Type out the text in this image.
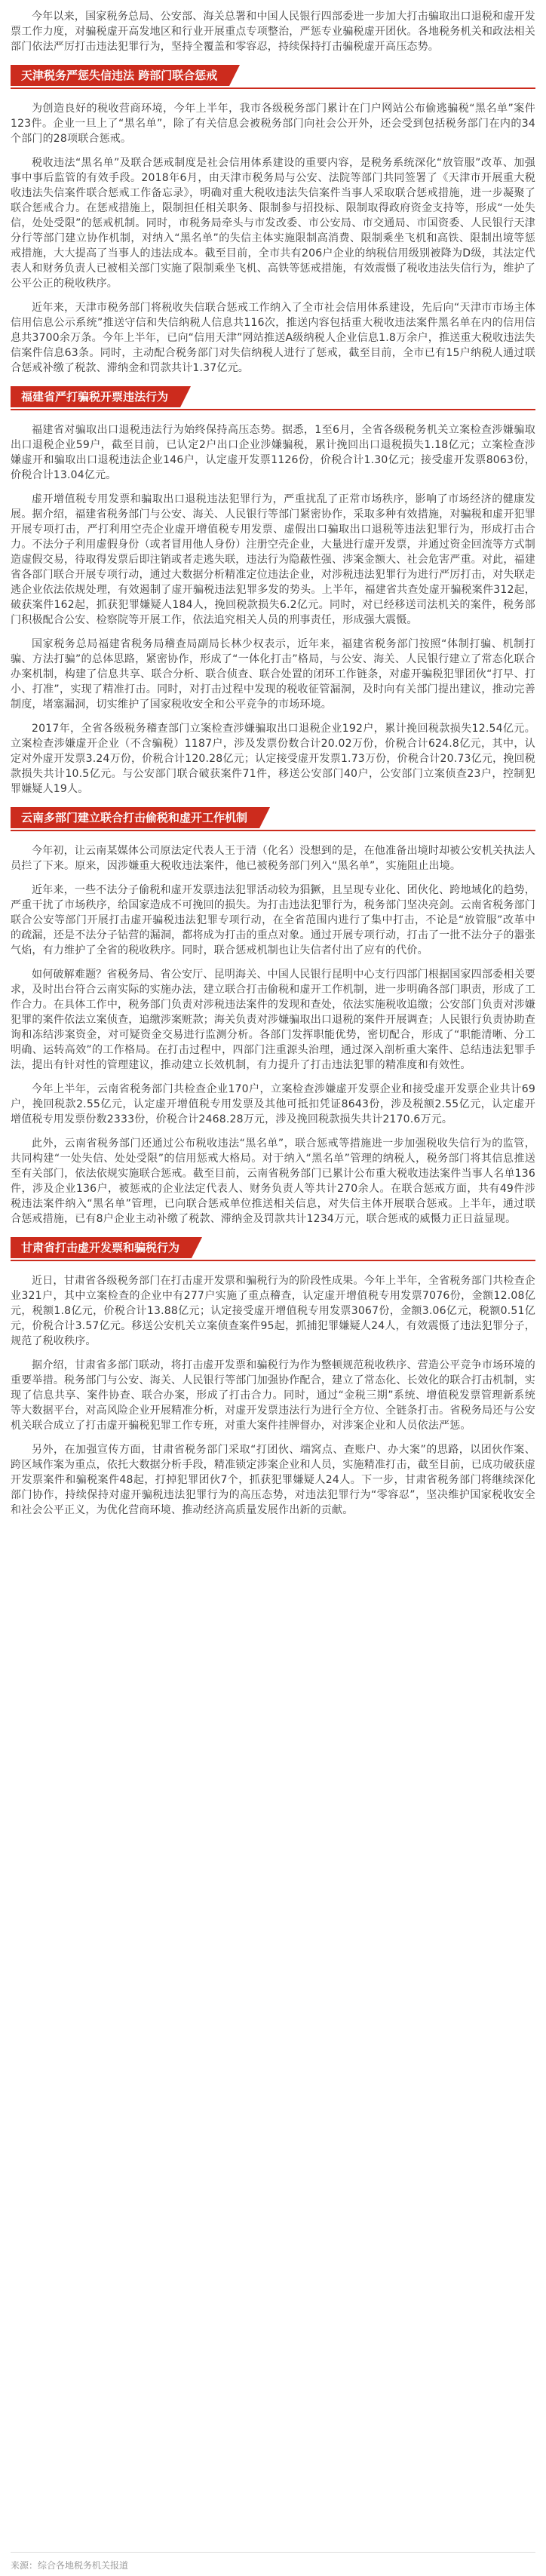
今年以来，国家税务总局、公安部、海关总署和中国人民银行四部委进一步加大打击骗取出口退税和虚开发票工作力度，对骗税虚开高发地区和行业开展重点专项整治，严惩专业骗税虚开团伙。各地税务机关和政法相关部门依法严厉打击违法犯罪行为，坚持全覆盖和零容忍，持续保持打击骗税虚开高压态势。

天津税务严惩失信违法 跨部门联合惩戒

为创造良好的税收营商环境，今年上半年，我市各级税务部门累计在门户网站公布偷逃骗税“黑名单”案件123件。企业一旦上了“黑名单”，除了有关信息会被税务部门向社会公开外，还会受到包括税务部门在内的34个部门的28项联合惩戒。

税收违法“黑名单”及联合惩戒制度是社会信用体系建设的重要内容，是税务系统深化“放管服”改革、加强事中事后监管的有效手段。2018年6月，由天津市税务局与公安、法院等部门共同签署了《天津市开展重大税收违法失信案件联合惩戒工作备忘录》，明确对重大税收违法失信案件当事人采取联合惩戒措施，进一步凝聚了联合惩戒合力。在惩戒措施上，限制担任相关职务、限制参与招投标、限制取得政府资金支持等，形成“一处失信，处处受限”的惩戒机制。同时，市税务局牵头与市发改委、市公安局、市交通局、市国资委、人民银行天津分行等部门建立协作机制，对纳入“黑名单”的失信主体实施限制高消费、限制乘坐飞机和高铁、限制出境等惩戒措施，大大提高了当事人的违法成本。截至目前，全市共有206户企业的纳税信用级别被降为D级，其法定代表人和财务负责人已被相关部门实施了限制乘坐飞机、高铁等惩戒措施，有效震慑了税收违法失信行为，维护了公平公正的税收秩序。

近年来，天津市税务部门将税收失信联合惩戒工作纳入了全市社会信用体系建设，先后向“天津市市场主体信用信息公示系统”推送守信和失信纳税人信息共116次，推送内容包括重大税收违法案件黑名单在内的信用信息共3700余万条。今年上半年，已向“信用天津”网站推送A级纳税人企业信息1.8万余户，推送重大税收违法失信案件信息63条。同时，主动配合税务部门对失信纳税人进行了惩戒，截至目前，全市已有15户纳税人通过联合惩戒补缴了税款、滞纳金和罚款共计1.37亿元。

福建省严打骗税开票违法行为

福建省对骗取出口退税违法行为始终保持高压态势。据悉，1至6月，全省各级税务机关立案检查涉嫌骗取出口退税企业59户，截至目前，已认定2户出口企业涉嫌骗税，累计挽回出口退税损失1.18亿元；立案检查涉嫌虚开和骗取出口退税违法企业146户，认定虚开发票1126份，价税合计1.30亿元；接受虚开发票8063份，价税合计13.04亿元。

虚开增值税专用发票和骗取出口退税违法犯罪行为，严重扰乱了正常市场秩序，影响了市场经济的健康发展。据介绍，福建省税务部门与公安、海关、人民银行等部门紧密协作，采取多种有效措施，对骗税和虚开犯罪开展专项打击，严打利用空壳企业虚开增值税专用发票、虚假出口骗取出口退税等违法犯罪行为，形成打击合力。不法分子利用虚假身份（或者冒用他人身份）注册空壳企业，大量进行虚开发票，并通过资金回流等方式制造虚假交易，待取得发票后即注销或者走逃失联，违法行为隐蔽性强、涉案金额大、社会危害严重。对此，福建省各部门联合开展专项行动，通过大数据分析精准定位违法企业，对涉税违法犯罪行为进行严厉打击，对失联走逃企业依法依规处理，有效遏制了虚开骗税违法犯罪多发的势头。上半年，福建省共查处虚开骗税案件312起，破获案件162起，抓获犯罪嫌疑人184人，挽回税款损失6.2亿元。同时，对已经移送司法机关的案件，税务部门积极配合公安、检察院等开展工作，依法追究相关人员的刑事责任，形成强大震慑。

国家税务总局福建省税务局稽查局副局长林少权表示，近年来，福建省税务部门按照“体制打骗、机制打骗、方法打骗”的总体思路，紧密协作，形成了“一体化打击”格局，与公安、海关、人民银行建立了常态化联合办案机制，构建了信息共享、联合分析、联合侦查、联合处置的闭环工作链条，对虚开骗税犯罪团伙“打早、打小、打准”，实现了精准打击。同时，对打击过程中发现的税收征管漏洞，及时向有关部门提出建议，推动完善制度，堵塞漏洞，切实维护了国家税收安全和公平竞争的市场环境。

2017年，全省各级税务稽查部门立案检查涉嫌骗取出口退税企业192户，累计挽回税款损失12.54亿元。立案检查涉嫌虚开企业（不含骗税）1187户，涉及发票份数合计20.02万份，价税合计624.8亿元，其中，认定对外虚开发票3.24万份，价税合计120.28亿元；认定接受虚开发票1.73万份，价税合计20.73亿元，挽回税款损失共计10.5亿元。与公安部门联合破获案件71件，移送公安部门40户，公安部门立案侦查23户，控制犯罪嫌疑人19人。

云南多部门建立联合打击偷税和虚开工作机制

今年初，让云南某媒体公司原法定代表人王于清（化名）没想到的是，在他准备出境时却被公安机关执法人员拦了下来。原来，因涉嫌重大税收违法案件，他已被税务部门列入“黑名单”，实施阻止出境。

近年来，一些不法分子偷税和虚开发票违法犯罪活动较为猖獗，且呈现专业化、团伙化、跨地域化的趋势，严重干扰了市场秩序，给国家造成不可挽回的损失。为打击违法犯罪行为，税务部门坚决亮剑。云南省税务部门联合公安等部门开展打击虚开骗税违法犯罪专项行动，在全省范围内进行了集中打击，不论是“放管服”改革中的疏漏，还是不法分子钻营的漏洞，都将成为打击的重点对象。通过开展专项行动，打击了一批不法分子的嚣张气焰，有力维护了全省的税收秩序。同时，联合惩戒机制也让失信者付出了应有的代价。

如何破解难题？省税务局、省公安厅、昆明海关、中国人民银行昆明中心支行四部门根据国家四部委相关要求，及时出台符合云南实际的实施办法，建立联合打击偷税和虚开工作机制，进一步明确各部门职责，形成了工作合力。在具体工作中，税务部门负责对涉税违法案件的发现和查处，依法实施税收追缴；公安部门负责对涉嫌犯罪的案件依法立案侦查，追缴涉案赃款；海关负责对涉嫌骗取出口退税的案件开展调查；人民银行负责协助查询和冻结涉案资金，对可疑资金交易进行监测分析。各部门发挥职能优势，密切配合，形成了“职能清晰、分工明确、运转高效”的工作格局。在打击过程中，四部门注重源头治理，通过深入剖析重大案件、总结违法犯罪手法，提出有针对性的管理建议，推动建立长效机制，有力提升了打击违法犯罪的精准度和有效性。

今年上半年，云南省税务部门共检查企业170户，立案检查涉嫌虚开发票企业和接受虚开发票企业共计69户，挽回税款2.55亿元，认定虚开增值税专用发票及其他可抵扣凭证8643份，涉及税额2.55亿元，认定虚开增值税专用发票份数2333份，价税合计2468.28万元，涉及挽回税款损失共计2170.6万元。

此外，云南省税务部门还通过公布税收违法“黑名单”，联合惩戒等措施进一步加强税收失信行为的监管，共同构建“一处失信、处处受限”的信用惩戒大格局。对于纳入“黑名单”管理的纳税人，税务部门将其信息推送至有关部门，依法依规实施联合惩戒。截至目前，云南省税务部门已累计公布重大税收违法案件当事人名单136件，涉及企业136户，被惩戒的企业法定代表人、财务负责人等共计270余人。在联合惩戒方面，共有49件涉税违法案件纳入“黑名单”管理，已向联合惩戒单位推送相关信息，对失信主体开展联合惩戒。上半年，通过联合惩戒措施，已有8户企业主动补缴了税款、滞纳金及罚款共计1234万元，联合惩戒的威慑力正日益显现。

甘肃省打击虚开发票和骗税行为

近日，甘肃省各级税务部门在打击虚开发票和骗税行为的阶段性成果。今年上半年，全省税务部门共检查企业321户，其中立案检查的企业中有277户实施了重点稽查，认定虚开增值税专用发票7076份，金额12.08亿元，税额1.8亿元，价税合计13.88亿元；认定接受虚开增值税专用发票3067份，金额3.06亿元，税额0.51亿元，价税合计3.57亿元。移送公安机关立案侦查案件95起，抓捕犯罪嫌疑人24人，有效震慑了违法犯罪分子，规范了税收秩序。

据介绍，甘肃省多部门联动，将打击虚开发票和骗税行为作为整顿规范税收秩序、营造公平竞争市场环境的重要举措。税务部门与公安、海关、人民银行等部门加强协作配合，建立了常态化、长效化的联合打击机制，实现了信息共享、案件协查、联合办案，形成了打击合力。同时，通过“金税三期”系统、增值税发票管理新系统等大数据平台，对高风险企业开展精准分析，对虚开发票违法行为进行全方位、全链条打击。省税务局还与公安机关联合成立了打击虚开骗税犯罪工作专班，对重大案件挂牌督办，对涉案企业和人员依法严惩。

另外，在加强宣传方面，甘肃省税务部门采取“打团伙、端窝点、查账户、办大案”的思路，以团伙作案、跨区域作案为重点，依托大数据分析手段，精准锁定涉案企业和人员，实施精准打击，截至目前，已成功破获虚开发票案件和骗税案件48起，打掉犯罪团伙7个，抓获犯罪嫌疑人24人。下一步，甘肃省税务部门将继续深化部门协作，持续保持对虚开骗税违法犯罪行为的高压态势，对违法犯罪行为“零容忍”，坚决维护国家税收安全和社会公平正义，为优化营商环境、推动经济高质量发展作出新的贡献。

来源：综合各地税务机关报道
